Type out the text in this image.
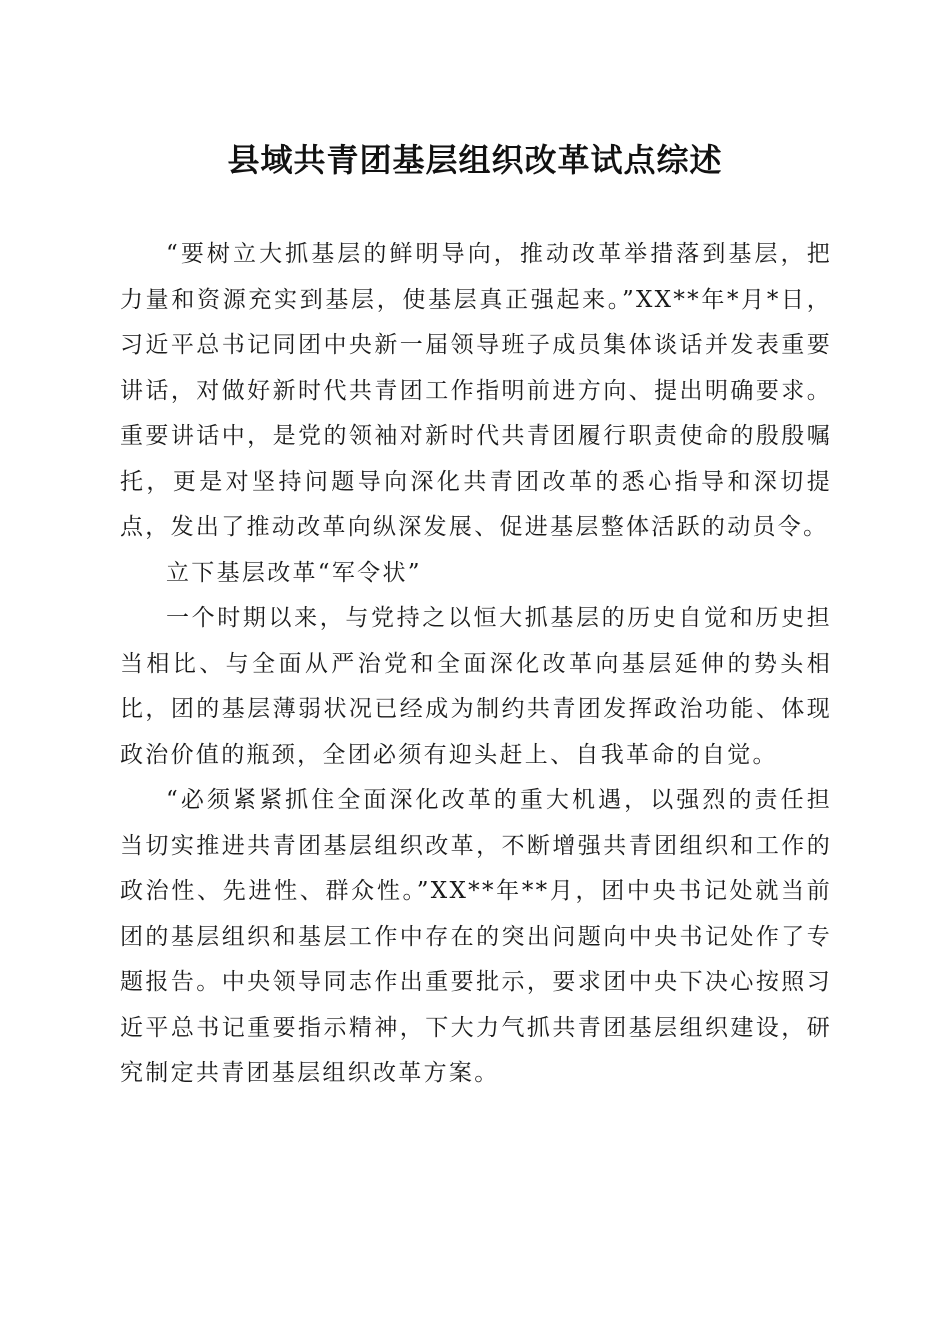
县域共青团基层组织改革试点综述

“要树立大抓基层的鲜明导向，推动改革举措落到基层，把力量和资源充实到基层，使基层真正强起来。”XX**年*月*日，习近平总书记同团中央新一届领导班子成员集体谈话并发表重要讲话，对做好新时代共青团工作指明前进方向、提出明确要求。重要讲话中，是党的领袖对新时代共青团履行职责使命的殷殷嘱托，更是对坚持问题导向深化共青团改革的悉心指导和深切提点，发出了推动改革向纵深发展、促进基层整体活跃的动员令。

立下基层改革“军令状”

一个时期以来，与党持之以恒大抓基层的历史自觉和历史担当相比、与全面从严治党和全面深化改革向基层延伸的势头相比，团的基层薄弱状况已经成为制约共青团发挥政治功能、体现政治价值的瓶颈，全团必须有迎头赶上、自我革命的自觉。

“必须紧紧抓住全面深化改革的重大机遇，以强烈的责任担当切实推进共青团基层组织改革，不断增强共青团组织和工作的政治性、先进性、群众性。”XX**年**月，团中央书记处就当前团的基层组织和基层工作中存在的突出问题向中央书记处作了专题报告。中央领导同志作出重要批示，要求团中央下决心按照习近平总书记重要指示精神，下大力气抓共青团基层组织建设，研究制定共青团基层组织改革方案。
